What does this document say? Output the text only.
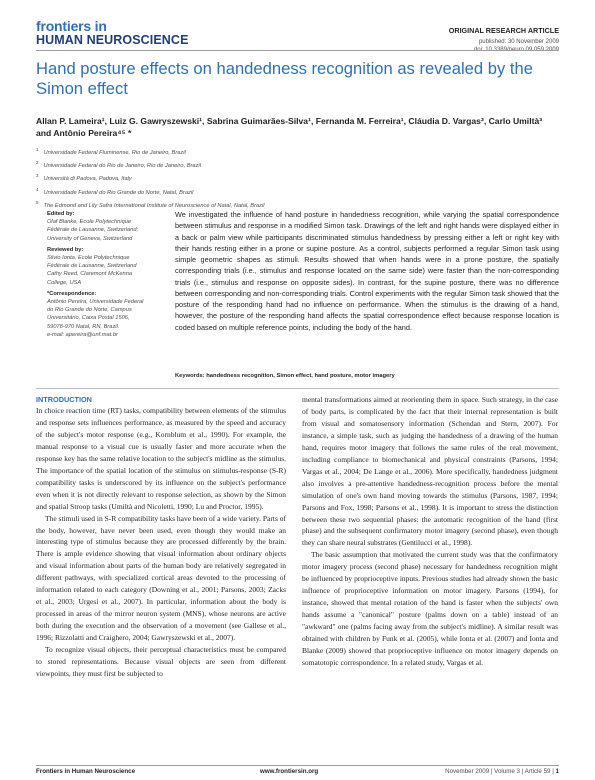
frontiers in
HUMAN NEUROSCIENCE
ORIGINAL RESEARCH ARTICLE
published: 30 November 2009
Hand posture effects on handedness recognition as revealed by the Simon effect
Allan P. Lameira¹, Luiz G. Gawryszewski¹, Sabrina Guimarães-Silva¹, Fernanda M. Ferreira¹, Cláudia D. Vargas², Carlo Umiltà³ and Antônio Pereira⁴⁵ *
$^1$Universidade Federal Fluminense, Rio de Janeiro, Brazil
$^2$Universidade Federal do Rio de Janeiro, Rio de Janeiro, Brazil
$^3$Università di Padova, Padova, Italy
$^4$Universidade Federal do Rio Grande do Norte, Natal, Brazil
$^5$The Edmond and Lily Safra International Institute of Neuroscience of Natal, Natal, Brazil
Edited by:
Olaf Blanke, Ecole Polytechnique
Fédérale de Lausanne, Switzerland;
University of Geneva, Switzerland
Reviewed by:
Silvio Ionta, Ecole Polytechnique
Fédérale de Lausanne, Switzerland
Cathy Reed, Claremont McKenna
College, USA
*Correspondence:
Antônio Pereira, Universidade Federal
do Rio Grande do Norte, Campus
Universitário, Caixa Postal 1506,
59078-970 Natal, RN, Brazil.
e-mail: apereira@unf.mat.br
We investigated the influence of hand posture in handedness recognition, while varying the spatial correspondence between stimulus and response in a modified Simon task. Drawings of the left and right hands were displayed either in a back or palm view while participants discriminated stimulus handedness by pressing either a left or right key with their hands resting either in a prone or supine posture. As a control, subjects performed a regular Simon task using simple geometric shapes as stimuli. Results showed that when hands were in a prone posture, the spatially corresponding trials (i.e., stimulus and response located on the same side) were faster than the non-corresponding trials (i.e., stimulus and response on opposite sides). In contrast, for the supine posture, there was no difference between corresponding and non-corresponding trials. Control experiments with the regular Simon task showed that the posture of the responding hand had no influence on performance. When the stimulus is the drawing of a hand, however, the posture of the responding hand affects the spatial correspondence effect because response location is coded based on multiple reference points, including the body of the hand.
Keywords: handedness recognition, Simon effect, hand posture, motor imagery
INTRODUCTION

In choice reaction time (RT) tasks, compatibility between elements of the stimulus and response sets influences performance, as measured by the speed and accuracy of the subject's motor response (e.g., Kornblum et al., 1990). For example, the manual response to a visual cue is usually faster and more accurate when the response key has the same relative location to the subject's midline as the stimulus. The importance of the spatial location of the stimulus on stimulus-response (S-R) compatibility tasks is underscored by its influence on the subject's performance even when it is not directly relevant to response selection, as shown by the Simon and spatial Stroop tasks (Umiltà and Nicoletti, 1990; Lu and Proctor, 1995).

The stimuli used in S-R compatibility tasks have been of a wide variety. Parts of the body, however, have never been used, even though they would make an interesting type of stimulus because they are processed differently by the brain. There is ample evidence showing that visual information about ordinary objects and visual information about parts of the human body are relatively segregated in different pathways, with specialized cortical areas devoted to the processing of information related to each category (Downing et al., 2001; Parsons, 2003; Zacks et al., 2003; Urgesi et al., 2007). In particular, information about the body is processed in areas of the mirror neuron system (MNS), whose neurons are active both during the execution and the observation of a movement (see Gallese et al., 1996; Rizzolatti and Craighero, 2004; Gawryszewski et al., 2007).

To recognize visual objects, their perceptual characteristics must be compared to stored representations. Because visual objects are seen from different viewpoints, they must first be subjected to

mental transformations aimed at reorienting them in space. Such strategy, in the case of body parts, is complicated by the fact that their internal representation is built from visual and somatosensory information (Schendan and Stern, 2007). For instance, a simple task, such as judging the handedness of a drawing of the human hand, requires motor imagery that follows the same rules of the real movement, including compliance to biomechanical and physical constraints (Parsons, 1994; Vargas et al., 2004; De Lange et al., 2006). More specifically, handedness judgment also involves a pre-attentive handedness-recognition process before the mental simulation of one's own hand moving towards the stimulus (Parsons, 1987, 1994; Parsons and Fox, 1998; Parsons et al., 1998). It is important to stress the distinction between these two sequential phases: the automatic recognition of the hand (first phase) and the subsequent confirmatory motor imagery (second phase), even though they can share neural substrates (Gentilucci et al., 1998).

The basic assumption that motivated the current study was that the confirmatory motor imagery process (second phase) necessary for handedness recognition might be influenced by proprioceptive inputs. Previous studies had already shown the basic influence of proprioceptive information on motor imagery. Parsons (1994), for instance, showed that mental rotation of the hand is faster when the subjects' own hands assume a "canonical" posture (palms down on a table) instead of an "awkward" one (palms facing away from the subject's midline). A similar result was obtained with children by Funk et al. (2005), while Ionta et al. (2007) and Ionta and Blanke (2009) showed that proprioceptive influence on motor imagery depends on somatotopic correspondence. In a related study, Vargas et al.

Frontiers in Human Neuroscience	www.frontiersin.org	November 2009 | Volume 3 | Article 59 | 1
